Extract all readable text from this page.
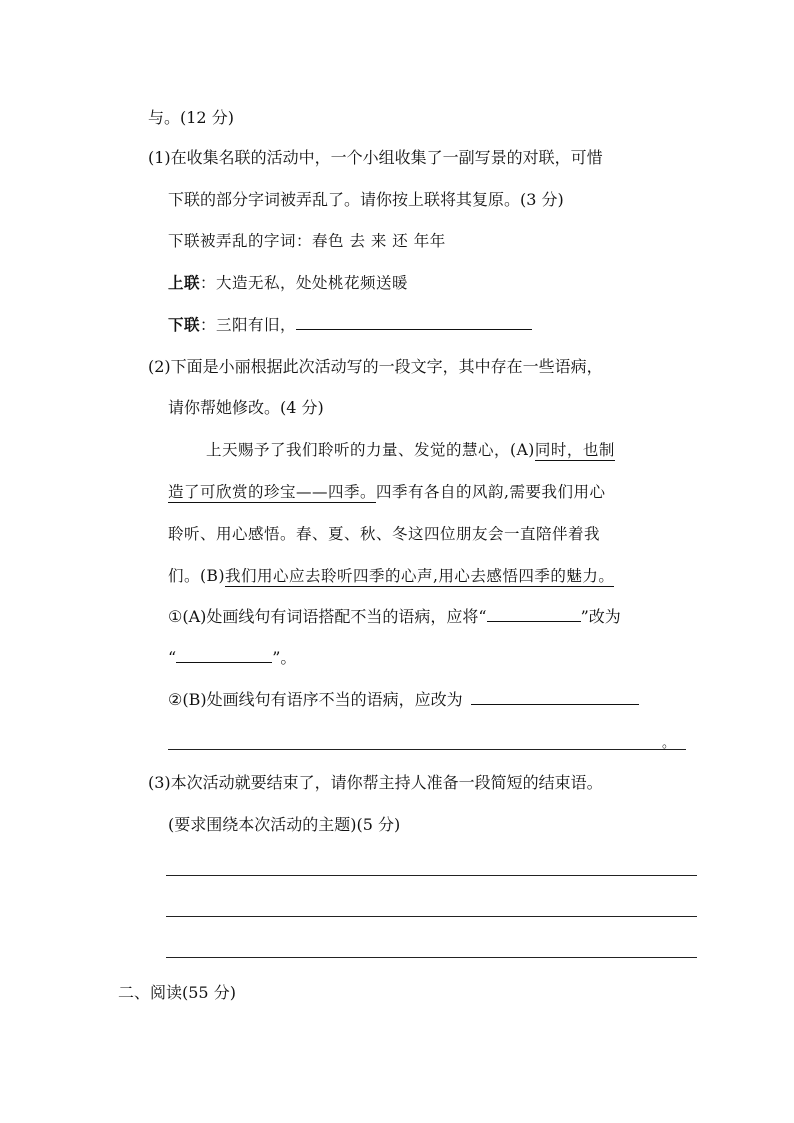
与。(12 分)
(1)在收集名联的活动中，一个小组收集了一副写景的对联，可惜
下联的部分字词被弄乱了。请你按上联将其复原。(3 分)
下联被弄乱的字词：春色 去 来 还 年年
上联：大造无私，处处桃花频送暖
下联：三阳有旧，
(2)下面是小丽根据此次活动写的一段文字，其中存在一些语病，
请你帮她修改。(4 分)
上天赐予了我们聆听的力量、发觉的慧心，(A)同时，也制
造了可欣赏的珍宝——四季。四季有各自的风韵,需要我们用心
聆听、用心感悟。春、夏、秋、冬这四位朋友会一直陪伴着我
们。(B)我们用心应去聆听四季的心声,用心去感悟四季的魅力。
①(A)处画线句有词语搭配不当的语病，应将“	”改为
“	”。
②(B)处画线句有语序不当的语病，应改为
。
(3)本次活动就要结束了，请你帮主持人准备一段简短的结束语。
(要求围绕本次活动的主题)(5 分)
二、阅读(55 分)
